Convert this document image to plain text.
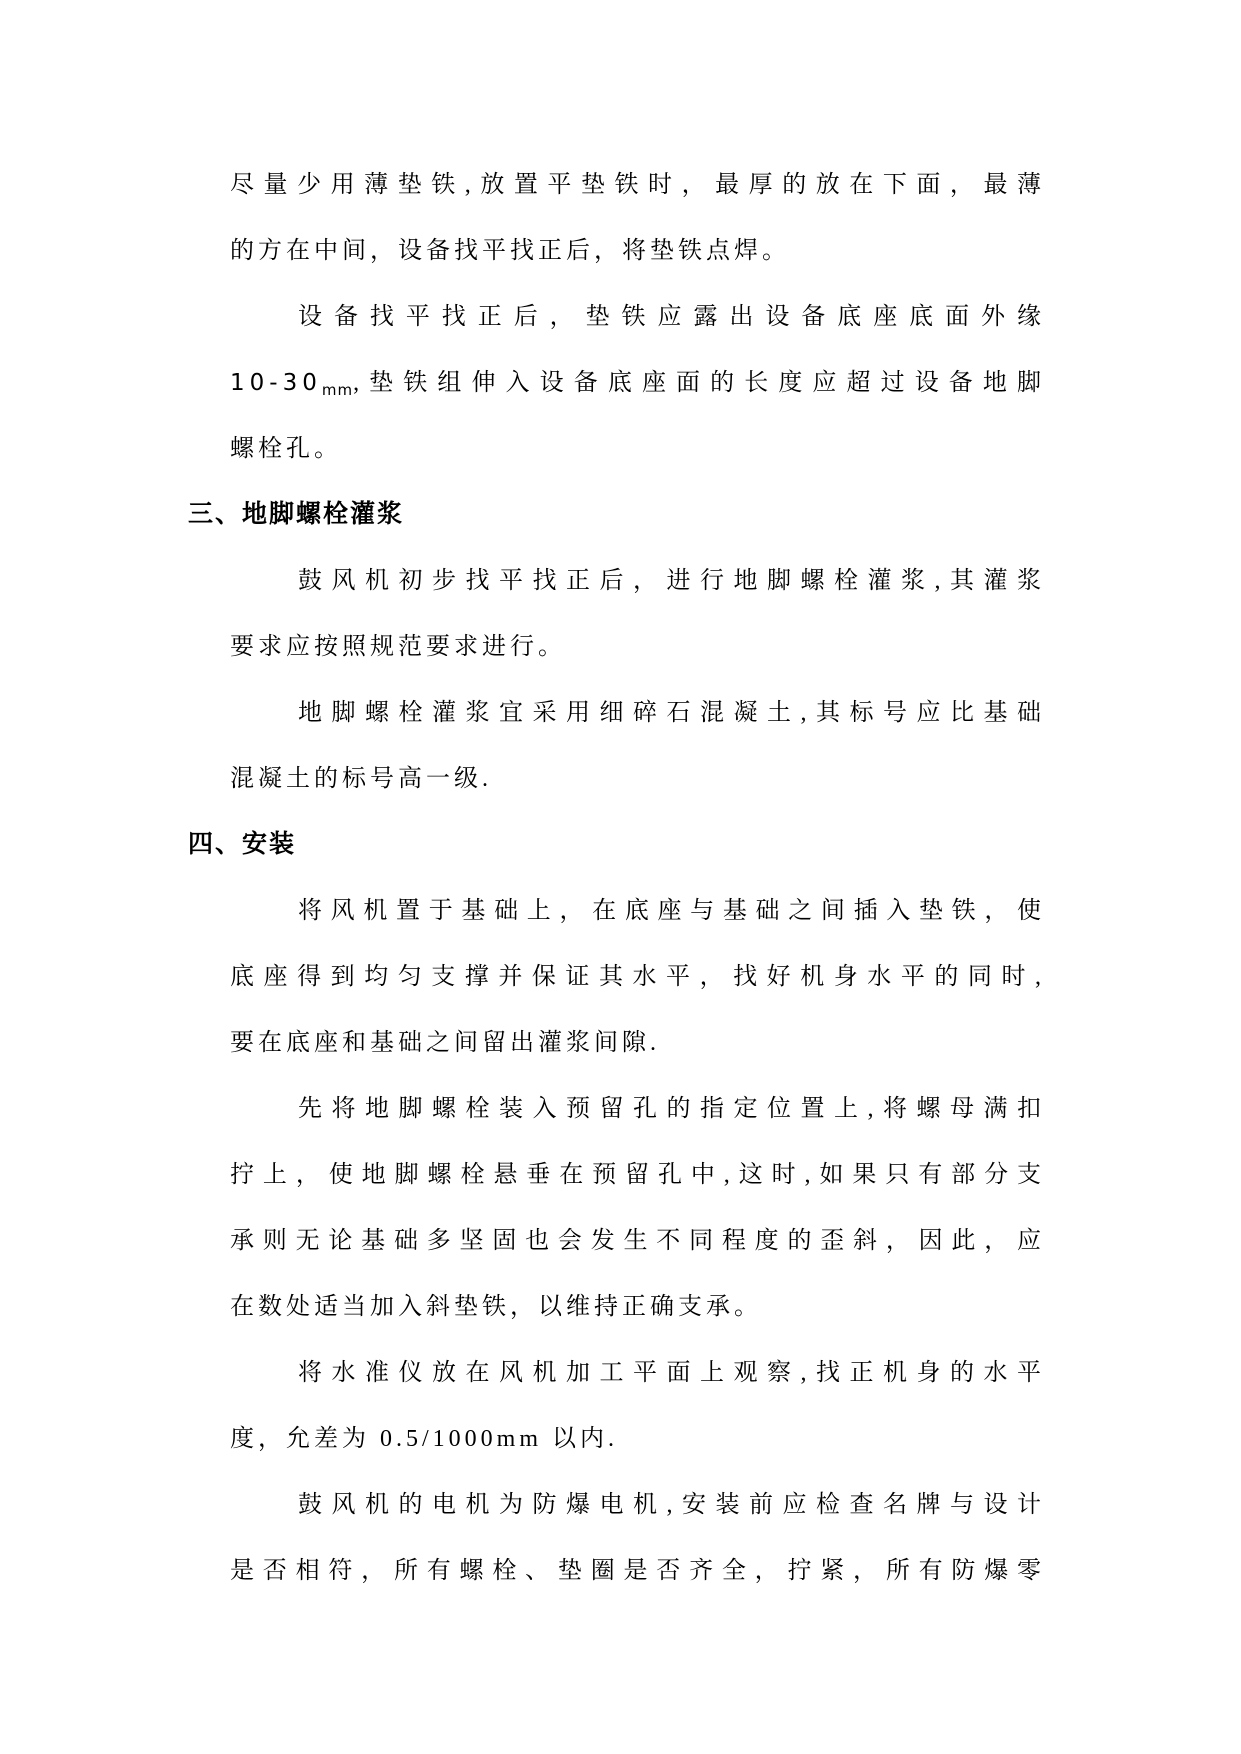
尽量少用薄垫铁,放置平垫铁时，最厚的放在下面，最薄
的方在中间，设备找平找正后，将垫铁点焊。
设备找平找正后，垫铁应露出设备底座底面外缘
$10-30_{mm}$,垫铁组伸入设备底座面的长度应超过设备地脚
螺栓孔。
三、地脚螺栓灌浆
鼓风机初步找平找正后，进行地脚螺栓灌浆,其灌浆
要求应按照规范要求进行。
地脚螺栓灌浆宜采用细碎石混凝土,其标号应比基础
混凝土的标号高一级.
四、安装
将风机置于基础上，在底座与基础之间插入垫铁，使
底座得到均匀支撑并保证其水平，找好机身水平的同时,
要在底座和基础之间留出灌浆间隙.
先将地脚螺栓装入预留孔的指定位置上,将螺母满扣
拧上，使地脚螺栓悬垂在预留孔中,这时,如果只有部分支
承则无论基础多坚固也会发生不同程度的歪斜，因此，应
在数处适当加入斜垫铁，以维持正确支承。
将水准仪放在风机加工平面上观察,找正机身的水平
度，允差为 0.5/1000mm 以内.
鼓风机的电机为防爆电机,安装前应检查名牌与设计
是否相符，所有螺栓、垫圈是否齐全，拧紧，所有防爆零
